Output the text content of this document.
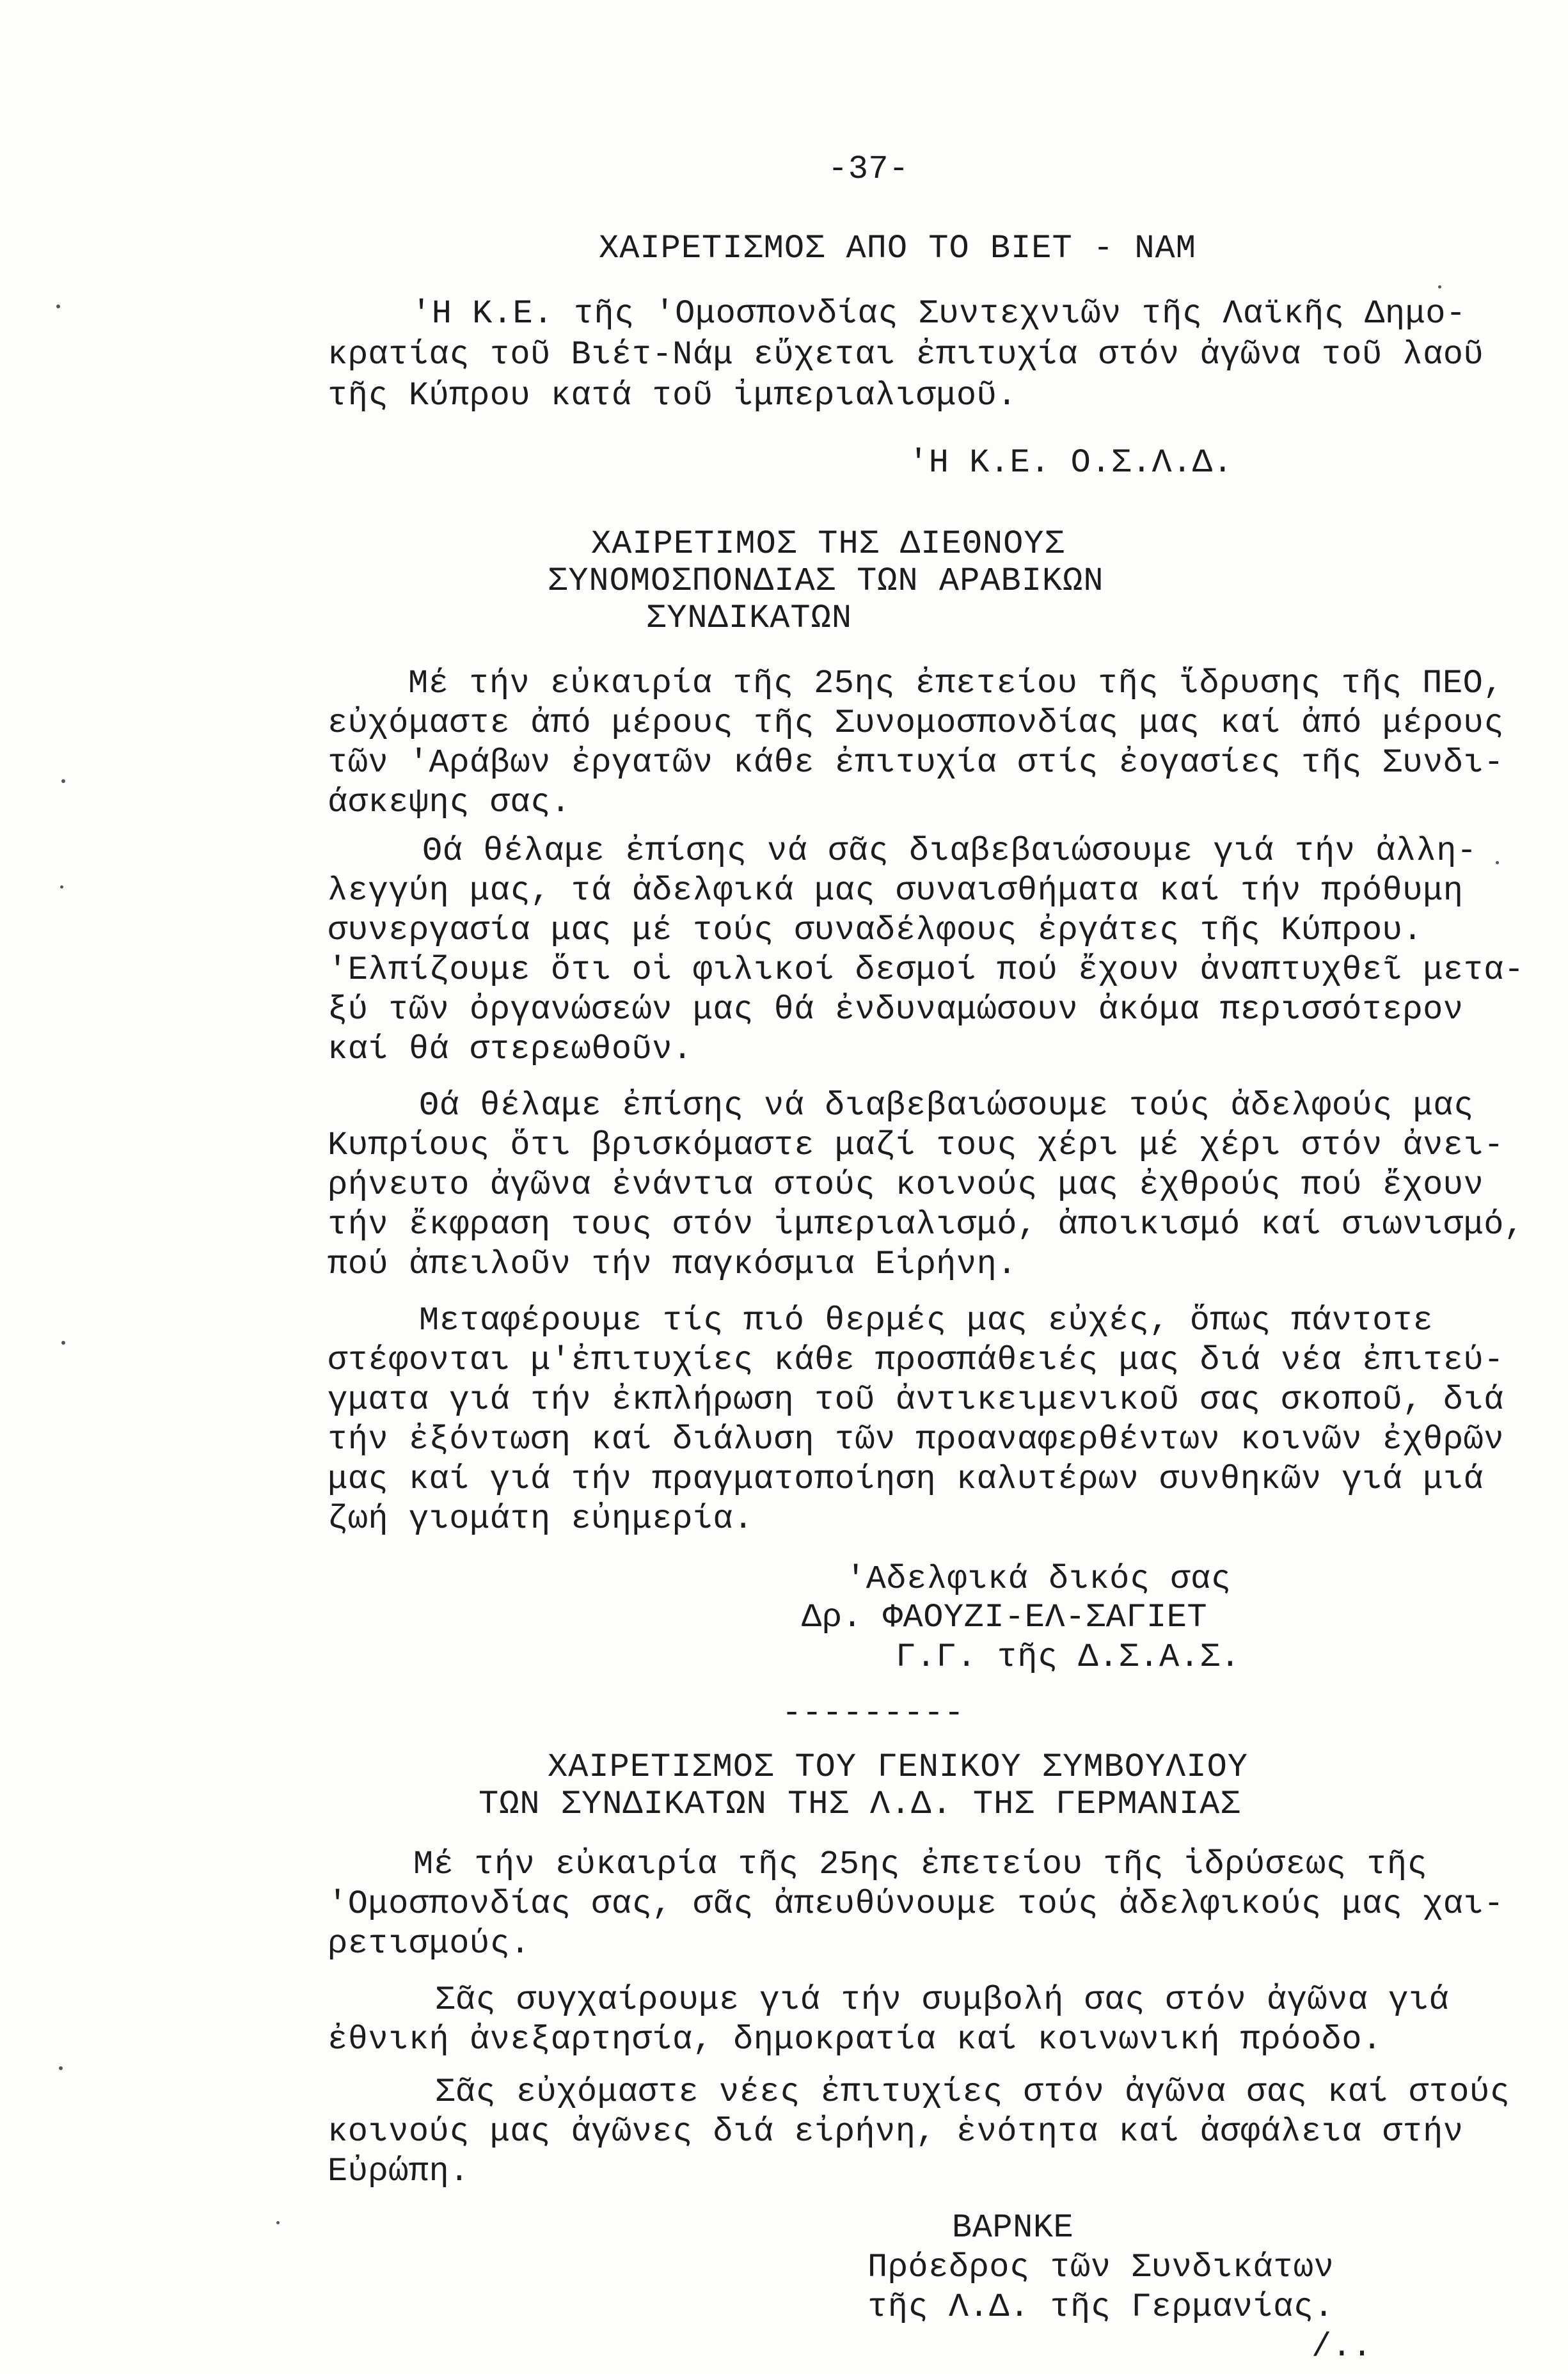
-37-
ΧΑΙΡΕΤΙΣΜΟΣ ΑΠΟ ΤΟ ΒΙΕΤ - ΝΑΜ
'Η Κ.Ε. τῆς 'Ομοσπονδίας Συντεχνιῶν τῆς Λαϊκῆς Δημο-
κρατίας τοῦ Βιέτ-Νάμ εὔχεται ἐπιτυχία στόν ἀγῶνα τοῦ λαοῦ
τῆς Κύπρου κατά τοῦ ἰμπεριαλισμοῦ.
'Η Κ.Ε. Ο.Σ.Λ.Δ.
ΧΑΙΡΕΤΙΜΟΣ ΤΗΣ ΔΙΕΘΝΟΥΣ
ΣΥΝΟΜΟΣΠΟΝΔΙΑΣ ΤΩΝ ΑΡΑΒΙΚΩΝ
ΣΥΝΔΙΚΑΤΩΝ
Μέ τήν εὐκαιρία τῆς 25ης ἐπετείου τῆς ἵδρυσης τῆς ΠΕΟ,
εὐχόμαστε ἀπό μέρους τῆς Συνομοσπονδίας μας καί ἀπό μέρους
τῶν 'Αράβων ἐργατῶν κάθε ἐπιτυχία στίς ἐογασίες τῆς Συνδι-
άσκεψης σας.
Θά θέλαμε ἐπίσης νά σᾶς διαβεβαιώσουμε γιά τήν ἀλλη-
λεγγύη μας, τά ἀδελφικά μας συναισθήματα καί τήν πρόθυμη
συνεργασία μας μέ τούς συναδέλφους ἐργάτες τῆς Κύπρου.
'Ελπίζουμε ὅτι οἱ φιλικοί δεσμοί πού ἔχουν ἀναπτυχθεῖ μετα-
ξύ τῶν ὀργανώσεών μας θά ἐνδυναμώσουν ἀκόμα περισσότερον
καί θά στερεωθοῦν.
Θά θέλαμε ἐπίσης νά διαβεβαιώσουμε τούς ἀδελφούς μας
Κυπρίους ὅτι βρισκόμαστε μαζί τους χέρι μέ χέρι στόν ἀνει-
ρήνευτο ἀγῶνα ἐνάντια στούς κοινούς μας ἐχθρούς πού ἔχουν
τήν ἔκφραση τους στόν ἰμπεριαλισμό, ἀποικισμό καί σιωνισμό,
πού ἀπειλοῦν τήν παγκόσμια Εἰρήνη.
Μεταφέρουμε τίς πιό θερμές μας εὐχές, ὅπως πάντοτε
στέφονται μ'ἐπιτυχίες κάθε προσπάθειές μας διά νέα ἐπιτεύ-
γματα γιά τήν ἐκπλήρωση τοῦ ἀντικειμενικοῦ σας σκοποῦ, διά
τήν ἐξόντωση καί διάλυση τῶν προαναφερθέντων κοινῶν ἐχθρῶν
μας καί γιά τήν πραγματοποίηση καλυτέρων συνθηκῶν γιά μιά
ζωή γιομάτη εὐημερία.
'Αδελφικά δικός σας
Δρ. ΦΑΟΥΖΙ-ΕΛ-ΣΑΓΙΕΤ
Γ.Γ. τῆς Δ.Σ.Α.Σ.
---------
ΧΑΙΡΕΤΙΣΜΟΣ ΤΟΥ ΓΕΝΙΚΟΥ ΣΥΜΒΟΥΛΙΟΥ
ΤΩΝ ΣΥΝΔΙΚΑΤΩΝ ΤΗΣ Λ.Δ. ΤΗΣ ΓΕΡΜΑΝΙΑΣ
Μέ τήν εὐκαιρία τῆς 25ης ἐπετείου τῆς ἱδρύσεως τῆς
'Ομοσπονδίας σας, σᾶς ἀπευθύνουμε τούς ἀδελφικούς μας χαι-
ρετισμούς.
Σᾶς συγχαίρουμε γιά τήν συμβολή σας στόν ἀγῶνα γιά
ἐθνική ἀνεξαρτησία, δημοκρατία καί κοινωνική πρόοδο.
Σᾶς εὐχόμαστε νέες ἐπιτυχίες στόν ἀγῶνα σας καί στούς
κοινούς μας ἀγῶνες διά εἰρήνη, ἑνότητα καί ἀσφάλεια στήν
Εὐρώπη.
ΒΑΡΝΚΕ
Πρόεδρος τῶν Συνδικάτων
τῆς Λ.Δ. τῆς Γερμανίας.
/..
